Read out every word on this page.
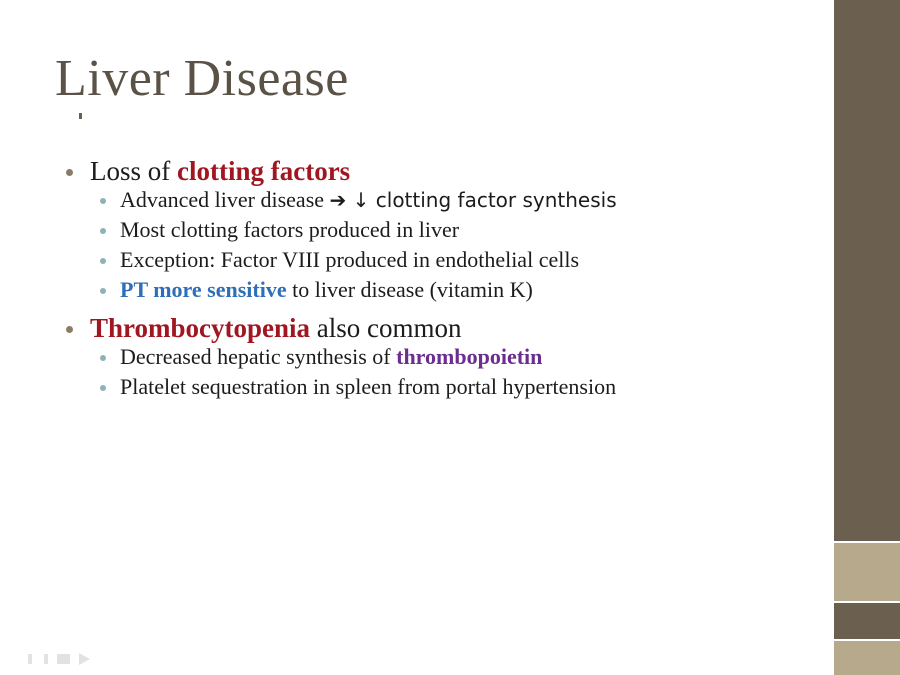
Liver Disease
Loss of clotting factors
Advanced liver disease ➔ ↓ clotting factor synthesis
Most clotting factors produced in liver
Exception: Factor VIII produced in endothelial cells
PT more sensitive to liver disease (vitamin K)
Thrombocytopenia also common
Decreased hepatic synthesis of thrombopoietin
Platelet sequestration in spleen from portal hypertension
